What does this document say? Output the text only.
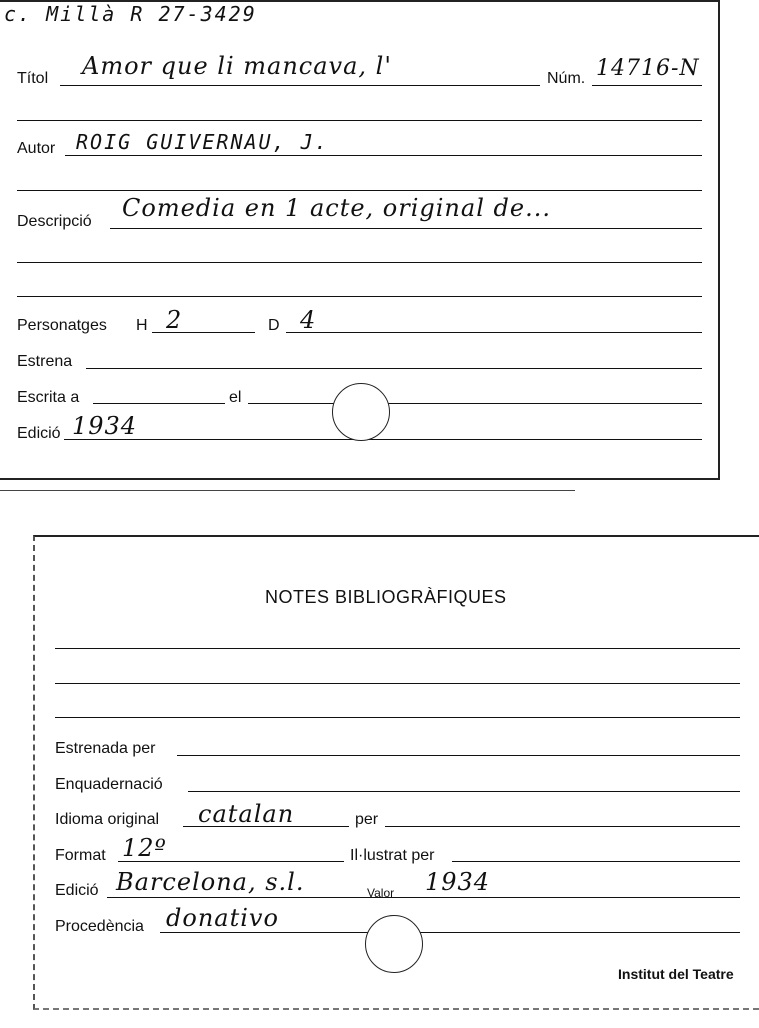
c. Millà R 27-3429
Títol Amor que li mancava, l'	Núm. 14716-N
Autor ROIG GUIVERNAU, J.
Descripció Comedia en 1 acte, original de...
Personatges H 2	D 4
Estrena
Escrita a	el
Edició 1934
NOTES BIBLIOGRÀFIQUES
Estrenada per
Enquadernació
Idioma original catalan	per
Format 12º	Il·lustrat per
Edició Barcelona, s.l.	Valor 1934
Procedència donativo
Institut del Teatre
